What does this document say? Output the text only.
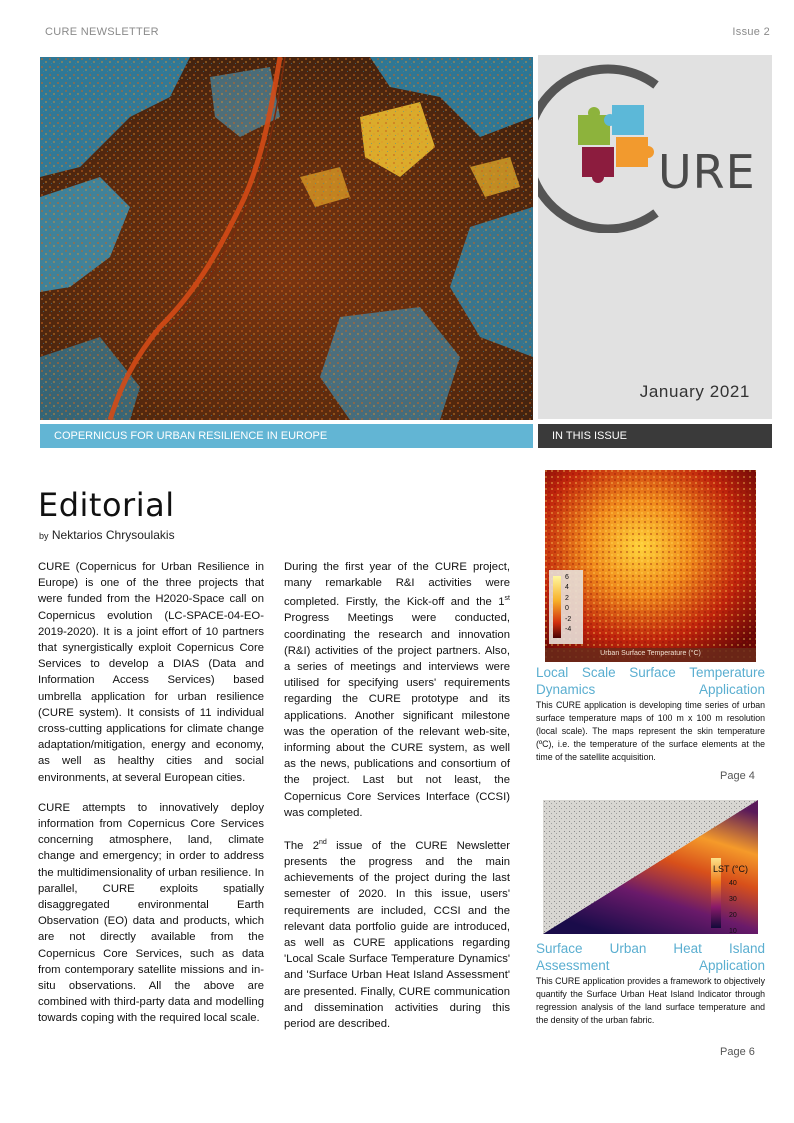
CURE NEWSLETTER	Issue 2
URE
January 2021
COPERNICUS FOR URBAN RESILIENCE IN EUROPE	IN THIS ISSUE
Editorial
by Nektarios Chrysoulakis

CURE (Copernicus for Urban Resilience in Europe) is one of the three projects that were funded from the H2020-Space call on Copernicus evolution (LC-SPACE-04-EO-2019-2020). It is a joint effort of 10 partners that synergistically exploit Copernicus Core Services to develop a DIAS (Data and Information Access Services) based umbrella application for urban resilience (CURE system). It consists of 11 individual cross-cutting applications for climate change adaptation/mitigation, energy and economy, as well as healthy cities and social environments, at several European cities.

CURE attempts to innovatively deploy information from Copernicus Core Services concerning atmosphere, land, climate change and emergency; in order to address the multidimensionality of urban resilience. In parallel, CURE exploits spatially disaggregated environmental Earth Observation (EO) data and products, which are not directly available from the Copernicus Core Services, such as data from contemporary satellite missions and in-situ observations. All the above are combined with third-party data and modelling towards coping with the required local scale.

During the first year of the CURE project, many remarkable R&I activities were completed. Firstly, the Kick-off and the 1st Progress Meetings were conducted, coordinating the research and innovation (R&I) activities of the project partners. Also, a series of meetings and interviews were utilised for specifying users' requirements regarding the CURE prototype and its applications. Another significant milestone was the operation of the relevant web-site, informing about the CURE system, as well as the news, publications and consortium of the project. Last but not least, the Copernicus Core Services Interface (CCSI) was completed.

The 2nd issue of the CURE Newsletter presents the progress and the main achievements of the project during the last semester of 2020. In this issue, users' requirements are included, CCSI and the relevant data portfolio guide are introduced, as well as CURE applications regarding 'Local Scale Surface Temperature Dynamics' and 'Surface Urban Heat Island Assessment' are presented. Finally, CURE communication and dissemination activities during this period are described.

6
4
2
0
-2
-4
Urban Surface Temperature (°C)
Local Scale Surface Temperature Dynamics Application
This CURE application is developing time series of urban surface temperature maps of 100 m x 100 m resolution (local scale). The maps represent the skin temperature (ºC), i.e. the temperature of the surface elements at the time of the satellite acquisition.
Page 4
LST (°C)
40
30
20
10
Surface Urban Heat Island Assessment Application
This CURE application provides a framework to objectively quantify the Surface Urban Heat Island Indicator through regression analysis of the land surface temperature and the density of the urban fabric.
Page 6
